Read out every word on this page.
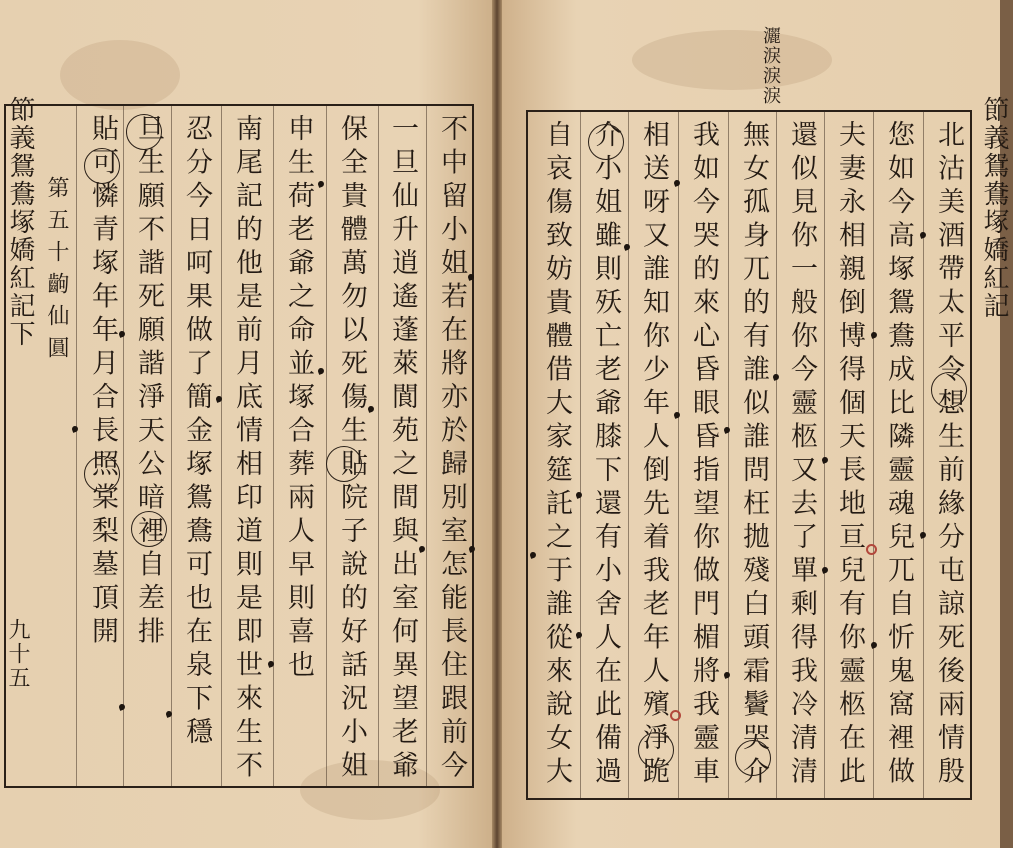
不中留小姐若在將亦於歸別室怎能長住跟前今
一旦仙升逍遙蓬萊閬苑之間與出室何異望老爺
保全貴體萬勿以死傷生貼院子說的好話況小姐
申生荷老爺之命並塚合葬兩人早則喜也
南尾記的他是前月底情相印道則是即世來生不
忍分今日呵果做了簡金塚鴛鴦可也在泉下穩
旦生願不諧死願諧淨天公暗裡自差排
貼可憐青塚年年月合長照棠梨墓頂開
第五十齣仙圓
節義鴛鴦塚嬌紅記下
九十五
灑淚淚淚
北沽美酒帶太平令想生前緣分屯諒死後兩情殷
您如今高塚鴛鴦成比隣靈魂兒兀自忻鬼窩裡做
夫妻永相親倒博得個天長地亘兒有你靈柩在此
還似見你一般你今靈柩又去了單剩得我冷清清
無女孤身兀的有誰似誰問枉拋殘白頭霜鬢哭介
我如今哭的來心昏眼昏指望你做門楣將我靈車
相送呀又誰知你少年人倒先着我老年人殯淨跪
介小姐雖則殀亡老爺膝下還有小舍人在此備過
自哀傷致妨貴體借大家筵託之于誰從來說女大	節義鴛鴦塚嬌紅記
